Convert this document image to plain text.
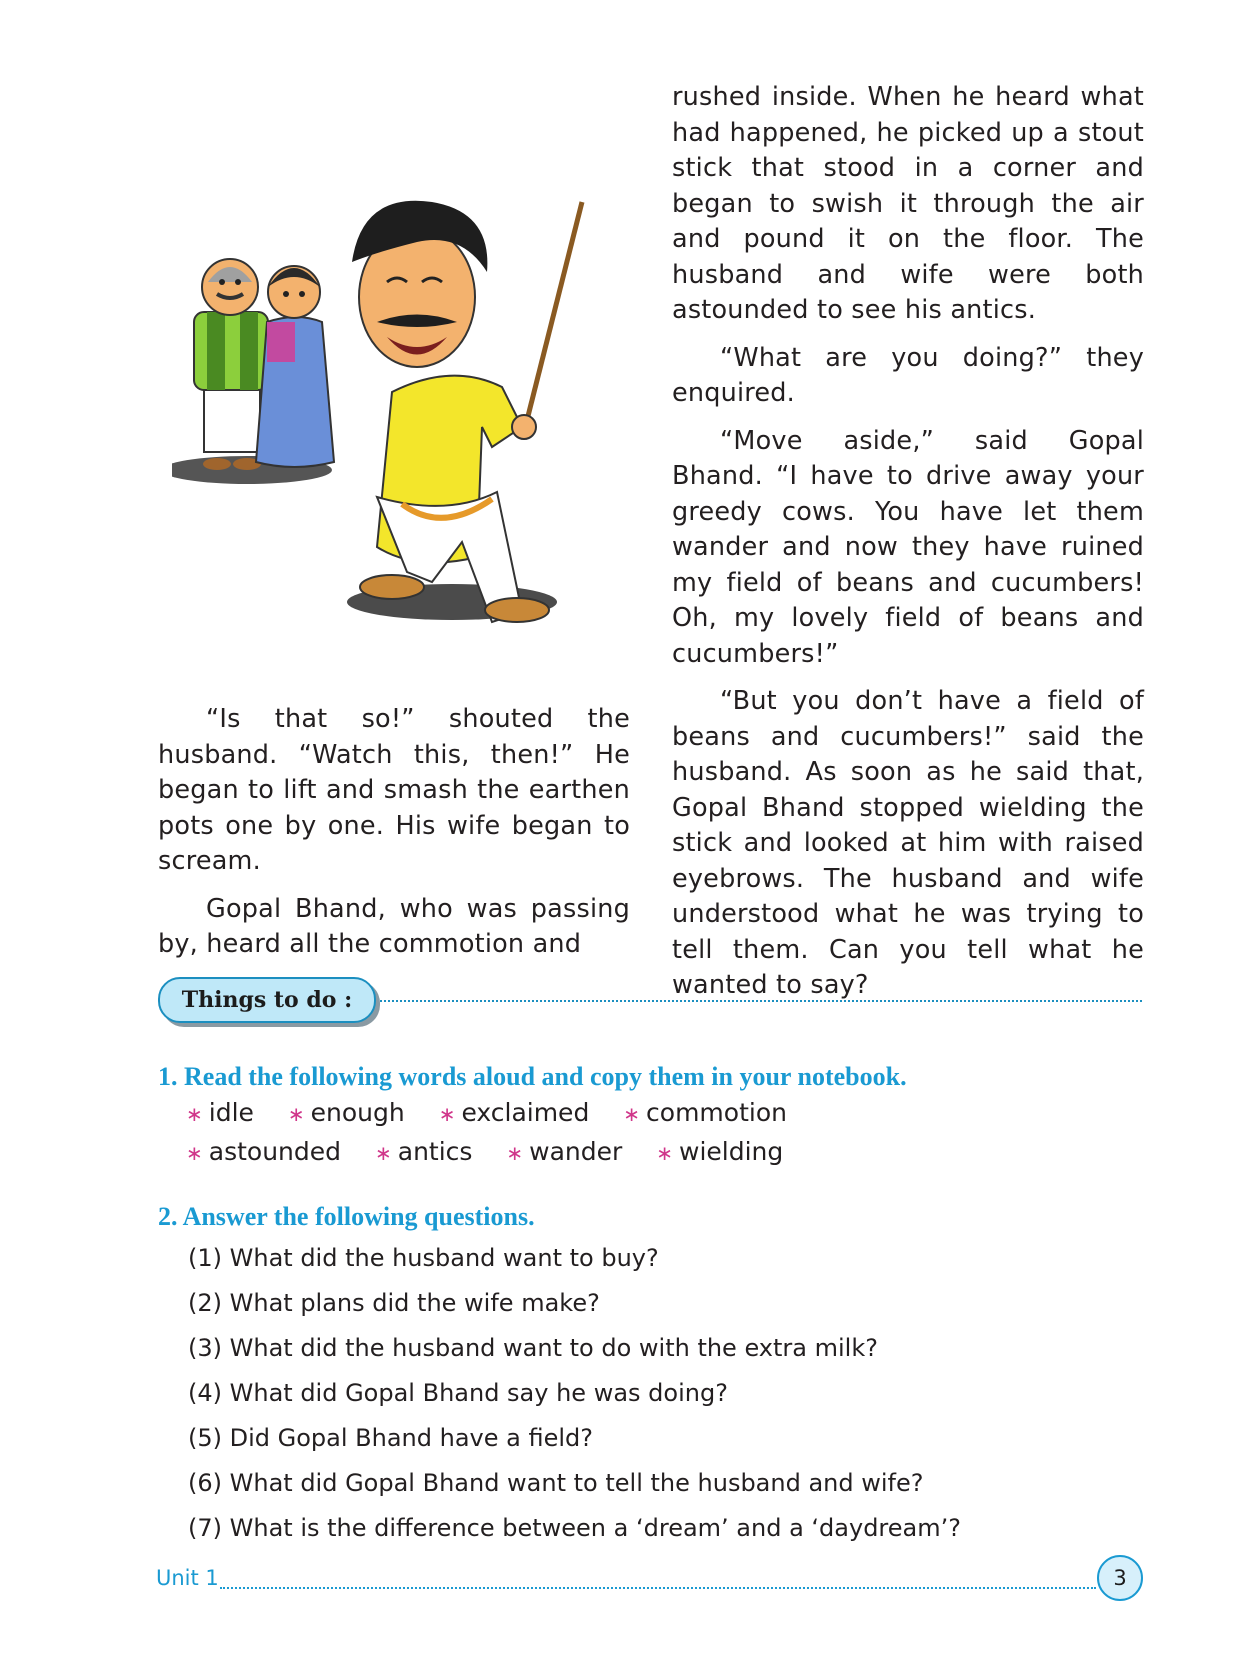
“Is that so!” shouted the husband. “Watch this, then!” He began to lift and smash the earthen pots one by one. His wife began to scream.

Gopal Bhand, who was passing by, heard all the commotion and

rushed inside. When he heard what had happened, he picked up a stout stick that stood in a corner and began to swish it through the air and pound it on the floor. The husband and wife were both astounded to see his antics.

“What are you doing?” they enquired.

“Move aside,” said Gopal Bhand. “I have to drive away your greedy cows. You have let them wander and now they have ruined my field of beans and cucumbers! Oh, my lovely field of beans and cucumbers!”

“But you don’t have a field of beans and cucumbers!” said the husband. As soon as he said that, Gopal Bhand stopped wielding the stick and looked at him with raised eyebrows. The husband and wife understood what he was trying to tell them. Can you tell what he wanted to say?

Things to do :
1. Read the following words aloud and copy them in your notebook.
∗ idle ∗ enough ∗ exclaimed ∗ commotion
∗ astounded ∗ antics ∗ wander ∗ wielding
2. Answer the following questions.
(1) What did the husband want to buy?
(2) What plans did the wife make?
(3) What did the husband want to do with the extra milk?
(4) What did Gopal Bhand say he was doing?
(5) Did Gopal Bhand have a field?
(6) What did Gopal Bhand want to tell the husband and wife?
(7) What is the difference between a ‘dream’ and a ‘daydream’?
Unit 1	3
